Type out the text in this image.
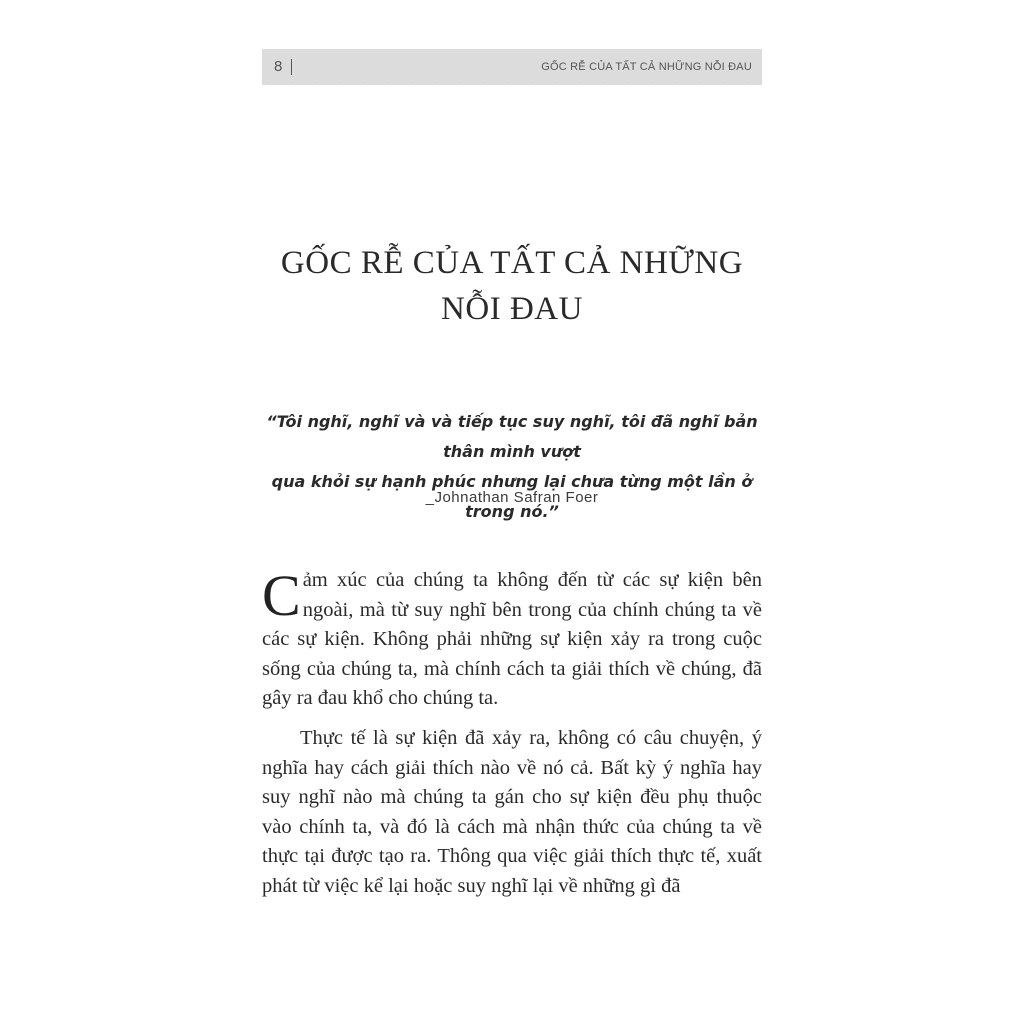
8	GỐC RỄ CỦA TẤT CẢ NHỮNG NỖI ĐAU
GỐC RỄ CỦA TẤT CẢ NHỮNG
NỖI ĐAU
“Tôi nghĩ, nghĩ và và tiếp tục suy nghĩ, tôi đã nghĩ bản thân mình vượt
qua khỏi sự hạnh phúc nhưng lại chưa từng một lần ở trong nó.”
_Johnathan Safran Foer

Cảm xúc của chúng ta không đến từ các sự kiện bên ngoài, mà từ suy nghĩ bên trong của chính chúng ta về các sự kiện. Không phải những sự kiện xảy ra trong cuộc sống của chúng ta, mà chính cách ta giải thích về chúng, đã gây ra đau khổ cho chúng ta.

Thực tế là sự kiện đã xảy ra, không có câu chuyện, ý nghĩa hay cách giải thích nào về nó cả. Bất kỳ ý nghĩa hay suy nghĩ nào mà chúng ta gán cho sự kiện đều phụ thuộc vào chính ta, và đó là cách mà nhận thức của chúng ta về thực tại được tạo ra. Thông qua việc giải thích thực tế, xuất phát từ việc kể lại hoặc suy nghĩ lại về những gì đã
